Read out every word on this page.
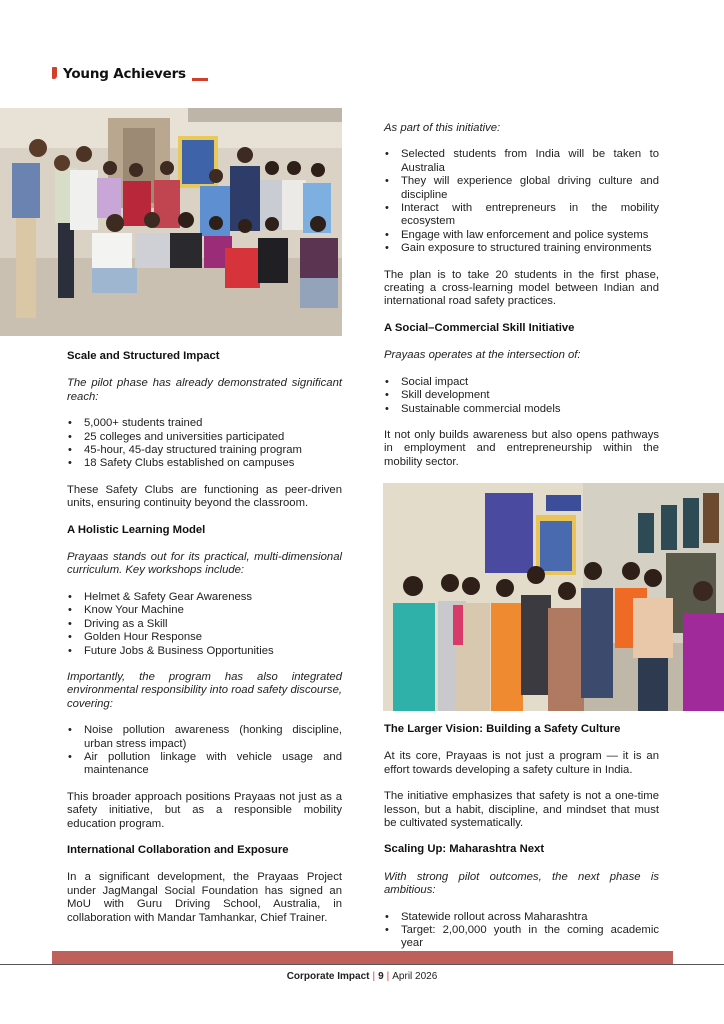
Young Achievers
Scale and Structured Impact

The pilot phase has already demonstrated significant reach:

• 5,000+ students trained
• 25 colleges and universities participated
• 45-hour, 45-day structured training program
• 18 Safety Clubs established on campuses

These Safety Clubs are functioning as peer-driven units, ensuring continuity beyond the classroom.

A Holistic Learning Model

Prayaas stands out for its practical, multi-dimensional curriculum. Key workshops include:

• Helmet & Safety Gear Awareness
• Know Your Machine
• Driving as a Skill
• Golden Hour Response
• Future Jobs & Business Opportunities

Importantly, the program has also integrated environmental responsibility into road safety discourse, covering:

• Noise pollution awareness (honking discipline, urban stress impact)
• Air pollution linkage with vehicle usage and maintenance

This broader approach positions Prayaas not just as a safety initiative, but as a responsible mobility education program.

International Collaboration and Exposure

In a significant development, the Prayaas Project under JagMangal Social Foundation has signed an MoU with Guru Driving School, Australia, in collaboration with Mandar Tamhankar, Chief Trainer.

As part of this initiative:

• Selected students from India will be taken to Australia
• They will experience global driving culture and discipline
• Interact with entrepreneurs in the mobility ecosystem
• Engage with law enforcement and police systems
• Gain exposure to structured training environments

The plan is to take 20 students in the first phase, creating a cross-learning model between Indian and international road safety practices.

A Social–Commercial Skill Initiative

Prayaas operates at the intersection of:

• Social impact
• Skill development
• Sustainable commercial models

It not only builds awareness but also opens pathways in employment and entrepreneurship within the mobility sector.

The Larger Vision: Building a Safety Culture

At its core, Prayaas is not just a program — it is an effort towards developing a safety culture in India.

The initiative emphasizes that safety is not a one-time lesson, but a habit, discipline, and mindset that must be cultivated systematically.

Scaling Up: Maharashtra Next

With strong pilot outcomes, the next phase is ambitious:

• Statewide rollout across Maharashtra
• Target: 2,00,000 youth in the coming academic year
Corporate Impact | 9 | April 2026
